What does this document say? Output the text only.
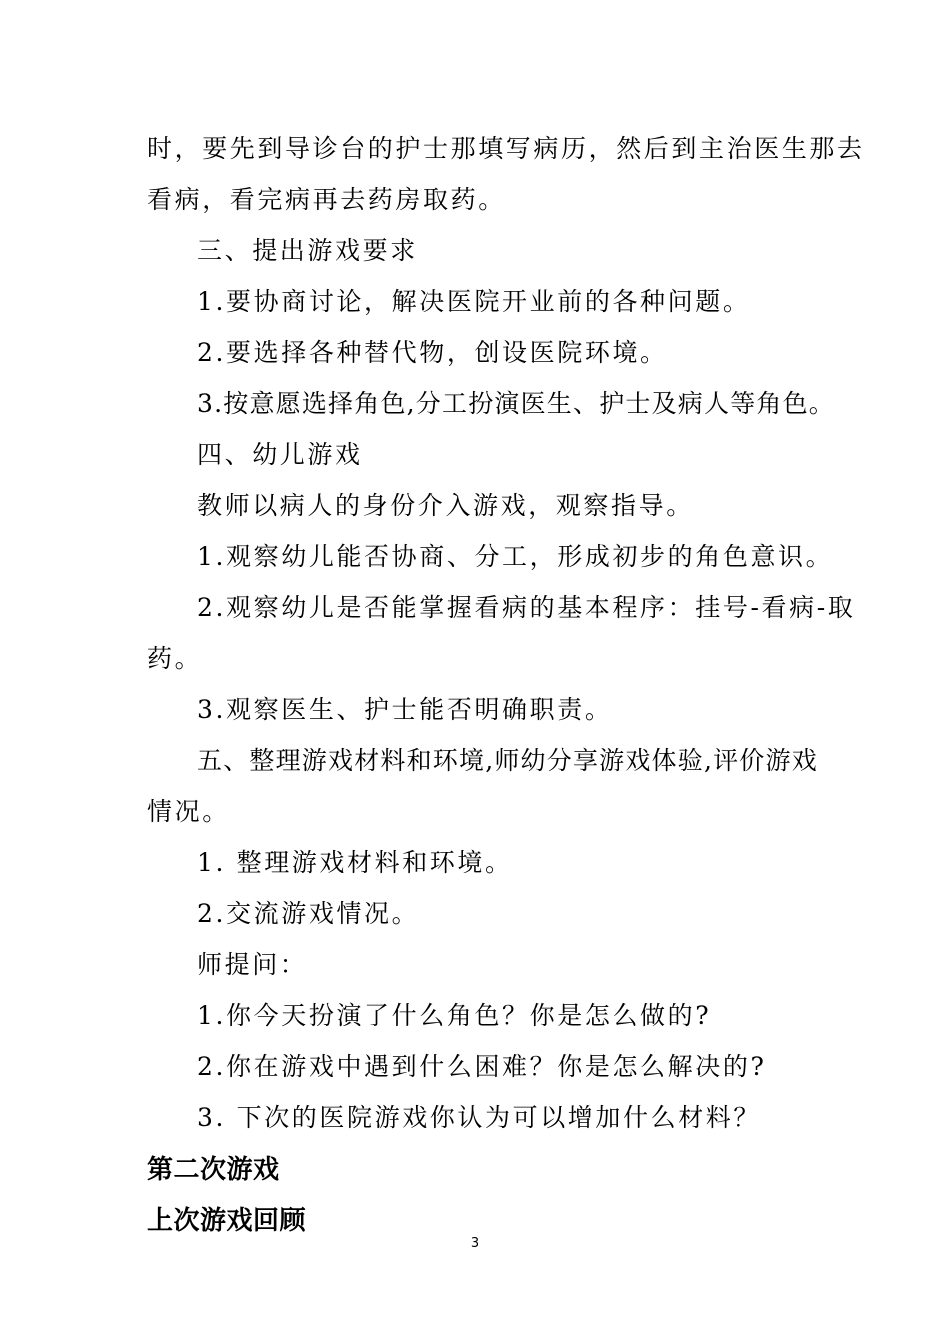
时，要先到导诊台的护士那填写病历，然后到主治医生那去
看病，看完病再去药房取药。
三、提出游戏要求
1.要协商讨论，解决医院开业前的各种问题。
2.要选择各种替代物，创设医院环境。
3.按意愿选择角色,分工扮演医生、护士及病人等角色。
四、幼儿游戏
教师以病人的身份介入游戏，观察指导。
1.观察幼儿能否协商、分工，形成初步的角色意识。
2.观察幼儿是否能掌握看病的基本程序：挂号-看病-取
药。
3.观察医生、护士能否明确职责。
五、整理游戏材料和环境,师幼分享游戏体验,评价游戏
情况。
1. 整理游戏材料和环境。
2.交流游戏情况。
师提问：
1.你今天扮演了什么角色？你是怎么做的?
2.你在游戏中遇到什么困难？你是怎么解决的?
3. 下次的医院游戏你认为可以增加什么材料？
第二次游戏
上次游戏回顾
3
